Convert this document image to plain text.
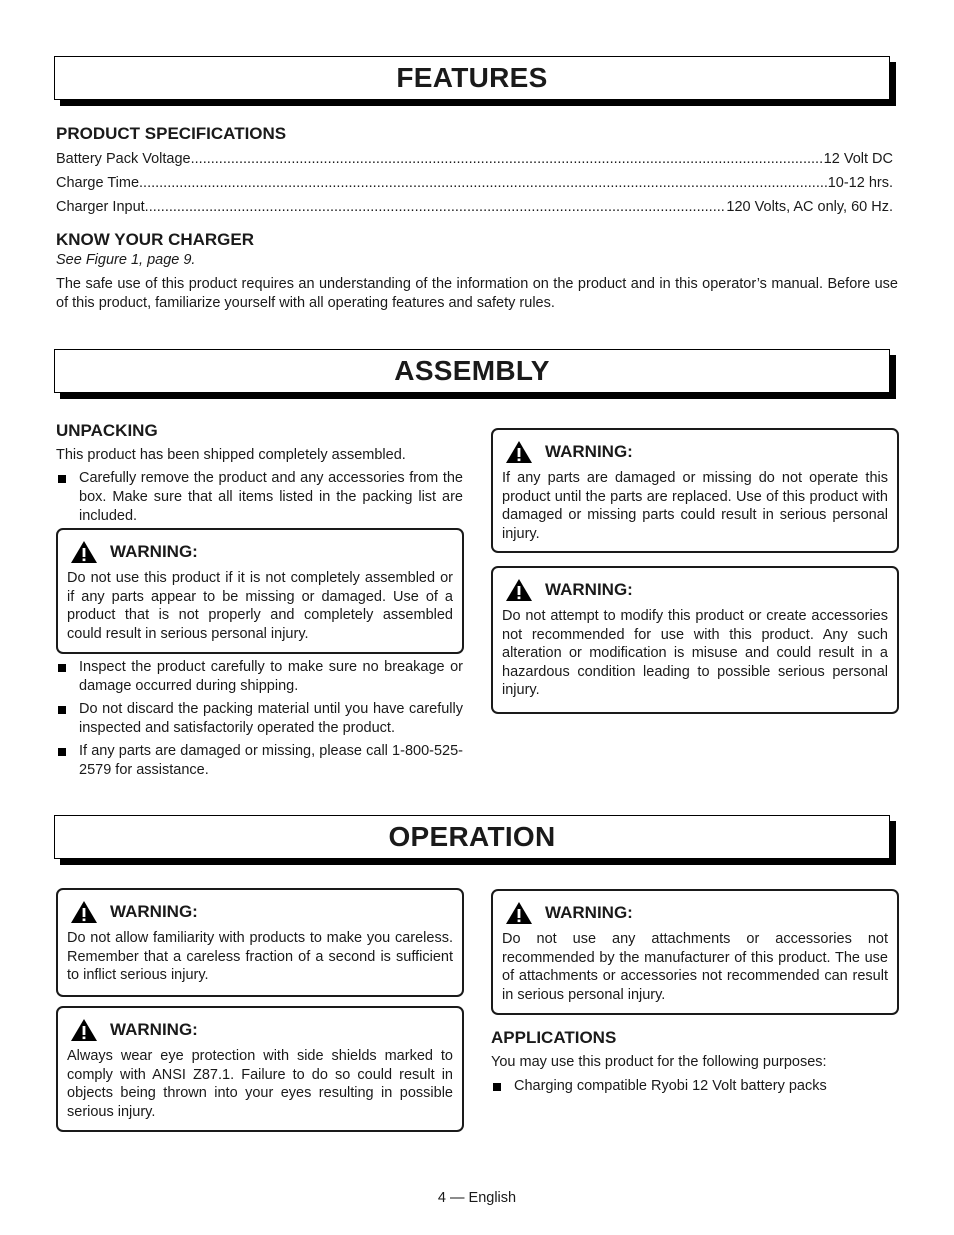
FEATURES
PRODUCT SPECIFICATIONS
Battery Pack Voltage .....	12 Volt DC
Charge Time .....	10-12 hrs.
Charger Input .....	120 Volts, AC only, 60 Hz.
KNOW YOUR CHARGER
See Figure 1, page 9.
The safe use of this product requires an understanding of the information on the product and in this operator’s manual. Before use of this product, familiarize yourself with all operating features and safety rules.
ASSEMBLY
UNPACKING
This product has been shipped completely assembled.
Carefully remove the product and any accessories from the box. Make sure that all items listed in the packing list are included.
WARNING:
Do not use this product if it is not completely assembled or if any parts appear to be missing or damaged. Use of a product that is not properly and completely assembled could result in serious personal injury.
Inspect the product carefully to make sure no breakage or damage occurred during shipping.
Do not discard the packing material until you have carefully inspected and satisfactorily operated the product.
If any parts are damaged or missing, please call 1-800-525-2579 for assistance.
WARNING:
If any parts are damaged or missing do not operate this product until the parts are replaced. Use of this product with damaged or missing parts could result in serious personal injury.
WARNING:
Do not attempt to modify this product or create accessories not recommended for use with this product. Any such alteration or modification is misuse and could result in a hazardous condition leading to possible serious personal injury.
OPERATION
WARNING:
Do not allow familiarity with products to make you careless. Remember that a careless fraction of a second is sufficient to inflict serious injury.
WARNING:
Always wear eye protection with side shields marked to comply with ANSI Z87.1. Failure to do so could result in objects being thrown into your eyes resulting in possible serious injury.
WARNING:
Do not use any attachments or accessories not recommended by the manufacturer of this product. The use of attachments or accessories not recommended can result in serious personal injury.
APPLICATIONS
You may use this product for the following purposes:
Charging compatible Ryobi 12 Volt battery packs
4 — English
